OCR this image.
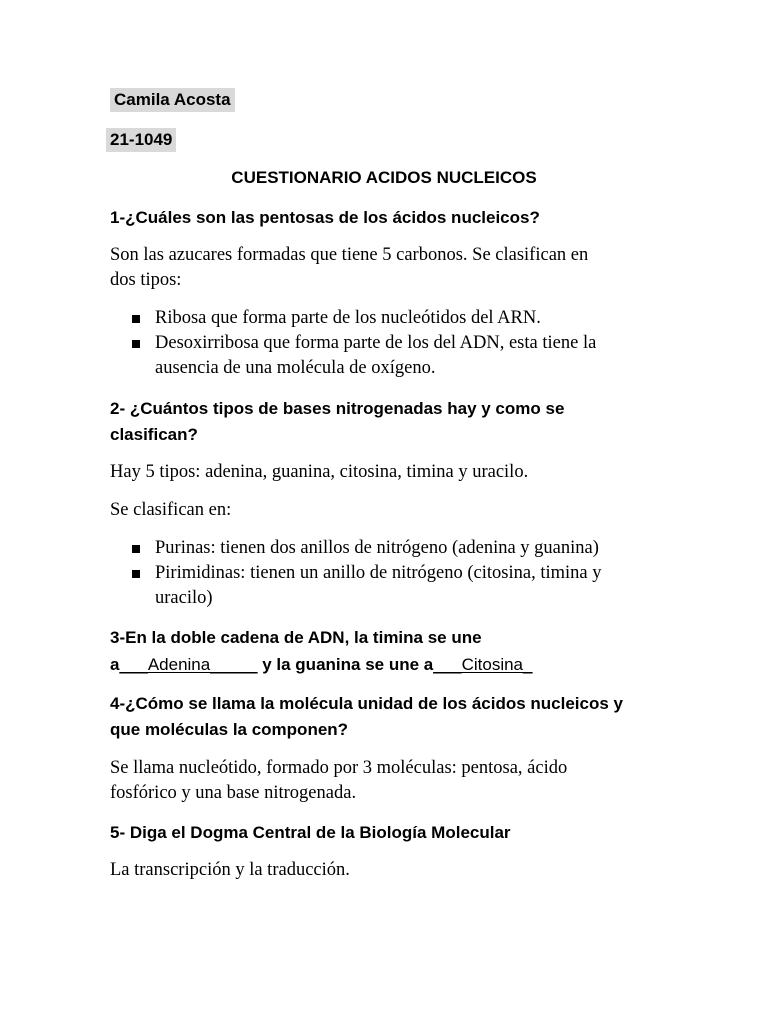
Camila Acosta
21-1049
CUESTIONARIO ACIDOS NUCLEICOS
1-¿Cuáles son las pentosas de los ácidos nucleicos?
Son las azucares formadas que tiene 5 carbonos. Se clasifican en
dos tipos:
Ribosa que forma parte de los nucleótidos del ARN.
Desoxirribosa que forma parte de los del ADN, esta tiene la
ausencia de una molécula de oxígeno.
2- ¿Cuántos tipos de bases nitrogenadas hay y como se
clasifican?
Hay 5 tipos: adenina, guanina, citosina, timina y uracilo.
Se clasifican en:
Purinas: tienen dos anillos de nitrógeno (adenina y guanina)
Pirimidinas: tienen un anillo de nitrógeno (citosina, timina y
uracilo)
3-En la doble cadena de ADN, la timina se une
a___Adenina_____ y la guanina se une a___Citosina_
4-¿Cómo se llama la molécula unidad de los ácidos nucleicos y
que moléculas la componen?
Se llama nucleótido, formado por 3 moléculas: pentosa, ácido
fosfórico y una base nitrogenada.
5- Diga el Dogma Central de la Biología Molecular
La transcripción y la traducción.
